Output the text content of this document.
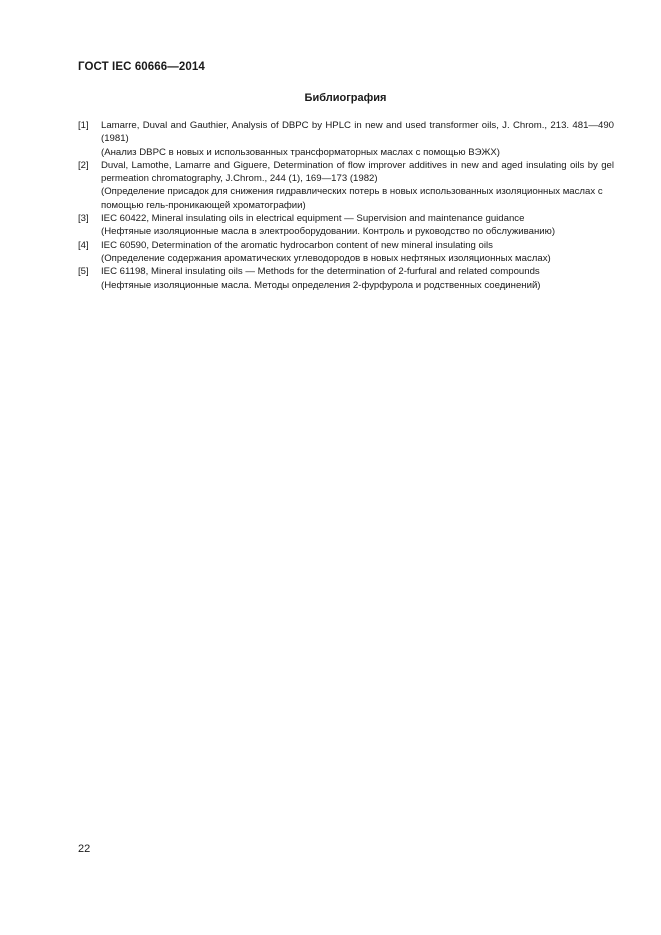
ГОСТ IEC 60666—2014
Библиография
[1]	Lamarre, Duval and Gauthier, Analysis of DBPC by HPLC in new and used transformer oils, J. Chrom., 213. 481—490 (1981)
(Анализ DBPC в новых и использованных трансформаторных маслах с помощью ВЭЖХ)
[2]	Duval, Lamothe, Lamarre and Giguere, Determination of flow improver additives in new and aged insulating oils by gel permeation chromatography, J.Chrom., 244 (1), 169—173 (1982)
(Определение присадок для снижения гидравлических потерь в новых использованных изоляционных маслах с помощью гель-проникающей хроматографии)
[3]	IEC 60422, Mineral insulating oils in electrical equipment — Supervision and maintenance guidance
(Нефтяные изоляционные масла в электрооборудовании. Контроль и руководство по обслуживанию)
[4]	IEC 60590, Determination of the aromatic hydrocarbon content of new mineral insulating oils
(Определение содержания ароматических углеводородов в новых нефтяных изоляционных маслах)
[5]	IEC 61198, Mineral insulating oils — Methods for the determination of 2-furfural and related compounds
(Нефтяные изоляционные масла. Методы определения 2-фурфурола и родственных соединений)
22
